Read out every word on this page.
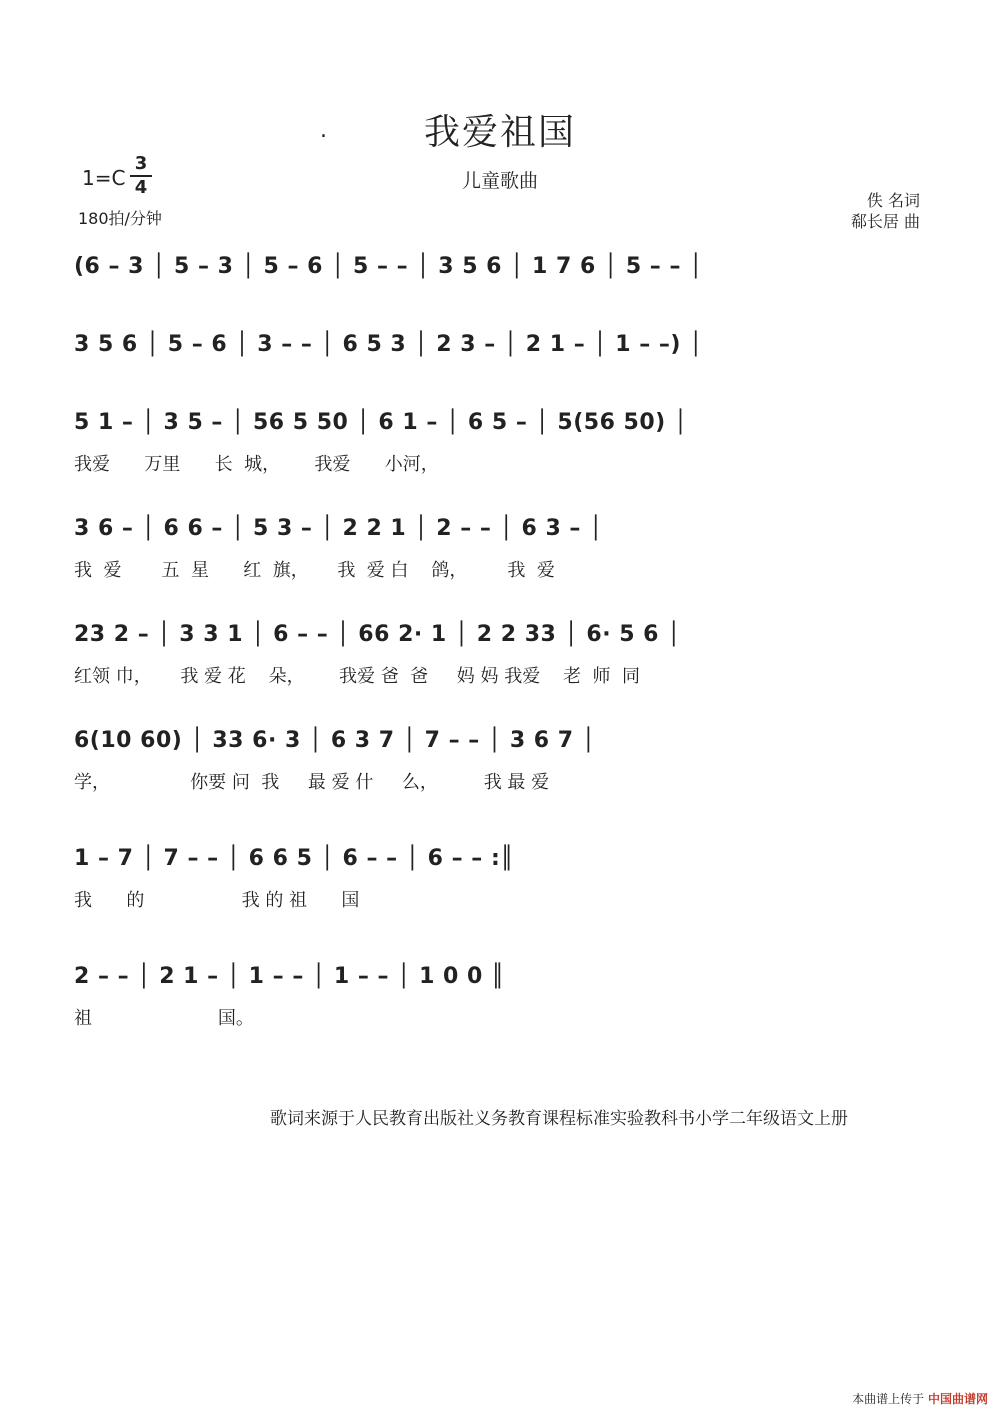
.	我爱祖国
儿童歌曲
1=C
3
4
180拍/分钟
佚 名词
郗长居 曲
(6 – 3 │ 5 – 3 │ 5 – 6 │ 5 – – │ 3 5 6 │ 1 7 6 │ 5 – – │
3 5 6 │ 5 – 6 │ 3 – – │ 6 5 3 │ 2 3 – │ 2 1 – │ 1 – –) │
5 1 – │ 3 5 – │ 56 5 50 │ 6 1 – │ 6 5 – │ 5(56 50) │
我爱      万里      长  城，      我爱      小河，
3 6 – │ 6 6 – │ 5 3 – │ 2 2 1 │ 2 – – │ 6 3 – │
我  爱       五  星      红  旗，     我  爱 白    鸽，       我  爱
23 2 – │ 3 3 1 │ 6 – – │ 66 2· 1 │ 2 2 33 │ 6· 5 6 │
红领 巾，     我 爱 花    朵，      我爱 爸  爸     妈 妈 我爱    老  师  同
6(10 60) │ 33 6· 3 │ 6 3 7 │ 7 – – │ 3 6 7 │
学，              你要 问  我     最 爱 什     么，        我 最 爱
1 – 7 │ 7 – – │ 6 6 5 │ 6 – – │ 6 – – :║
我      的                 我 的 祖      国
2 – – │ 2 1 – │ 1 – – │ 1 – – │ 1 0 0 ║
祖                      国。
歌词来源于人民教育出版社义务教育课程标准实验教科书小学二年级语文上册
本曲谱上传于 中国曲谱网
